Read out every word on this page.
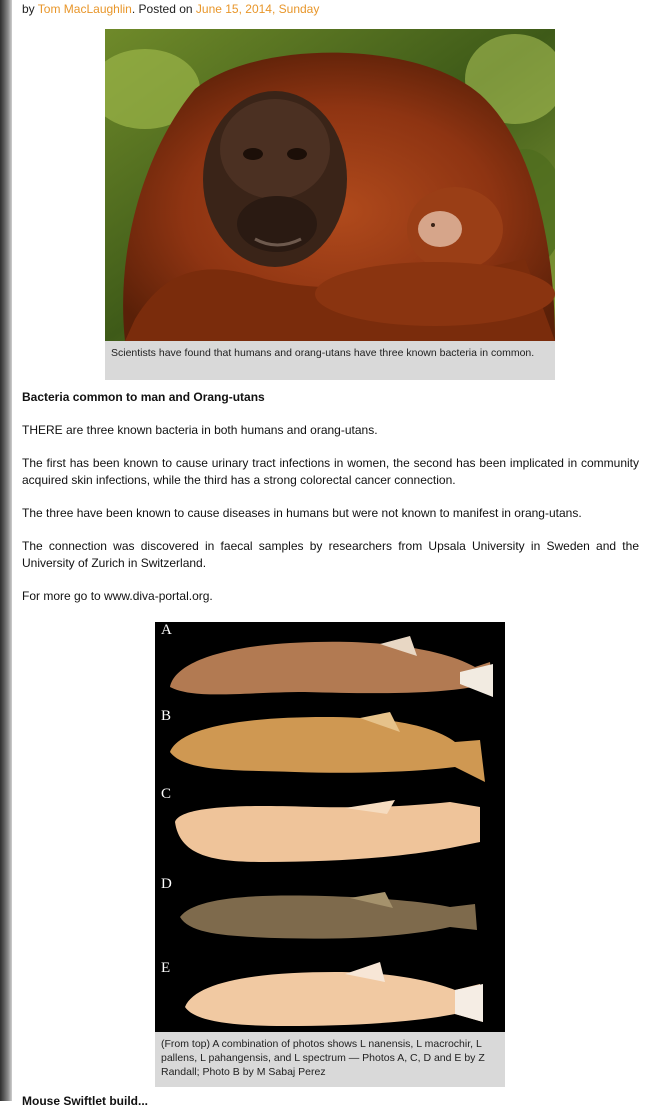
by Tom MacLaughlin. Posted on June 15, 2014, Sunday
Scientists have found that humans and orang-utans have three known bacteria in common.
Bacteria common to man and Orang-utans

THERE are three known bacteria in both humans and orang-utans.

The first has been known to cause urinary tract infections in women, the second has been implicated in community acquired skin infections, while the third has a strong colorectal cancer connection.

The three have been known to cause diseases in humans but were not known to manifest in orang-utans.

The connection was discovered in faecal samples by researchers from Upsala University in Sweden and the University of Zurich in Switzerland.

For more go to www.diva-portal.org.

A
B
C
D
E
(From top) A combination of photos shows L nanensis, L macrochir, L pallens, L pahangensis, and L spectrum — Photos A, C, D and E by Z Randall; Photo B by M Sabaj Perez
Mouse Swiftlet build...
